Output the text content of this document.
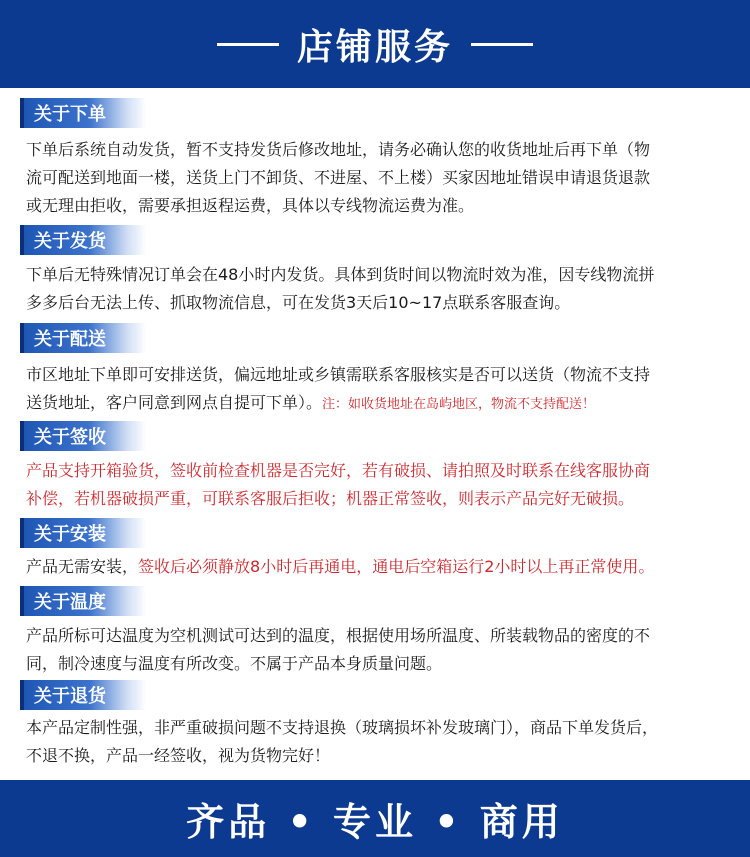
店铺服务
关于下单
下单后系统自动发货，暂不支持发货后修改地址，请务必确认您的收货地址后再下单（物
流可配送到地面一楼，送货上门不卸货、不进屋、不上楼）买家因地址错误申请退货退款
或无理由拒收，需要承担返程运费，具体以专线物流运费为准。
关于发货
下单后无特殊情况订单会在48小时内发货。具体到货时间以物流时效为准，因专线物流拼
多多后台无法上传、抓取物流信息，可在发货3天后10~17点联系客服查询。
关于配送
市区地址下单即可安排送货，偏远地址或乡镇需联系客服核实是否可以送货（物流不支持
送货地址，客户同意到网点自提可下单）。注：如收货地址在岛屿地区，物流不支持配送！
关于签收
产品支持开箱验货，签收前检查机器是否完好，若有破损、请拍照及时联系在线客服协商
补偿，若机器破损严重，可联系客服后拒收；机器正常签收，则表示产品完好无破损。
关于安装
产品无需安装，签收后必须静放8小时后再通电，通电后空箱运行2小时以上再正常使用。
关于温度
产品所标可达温度为空机测试可达到的温度，根据使用场所温度、所装载物品的密度的不
同，制冷速度与温度有所改变。不属于产品本身质量问题。
关于退货
本产品定制性强，非严重破损问题不支持退换（玻璃损坏补发玻璃门），商品下单发货后，
不退不换，产品一经签收，视为货物完好！
齐品 • 专业 • 商用
